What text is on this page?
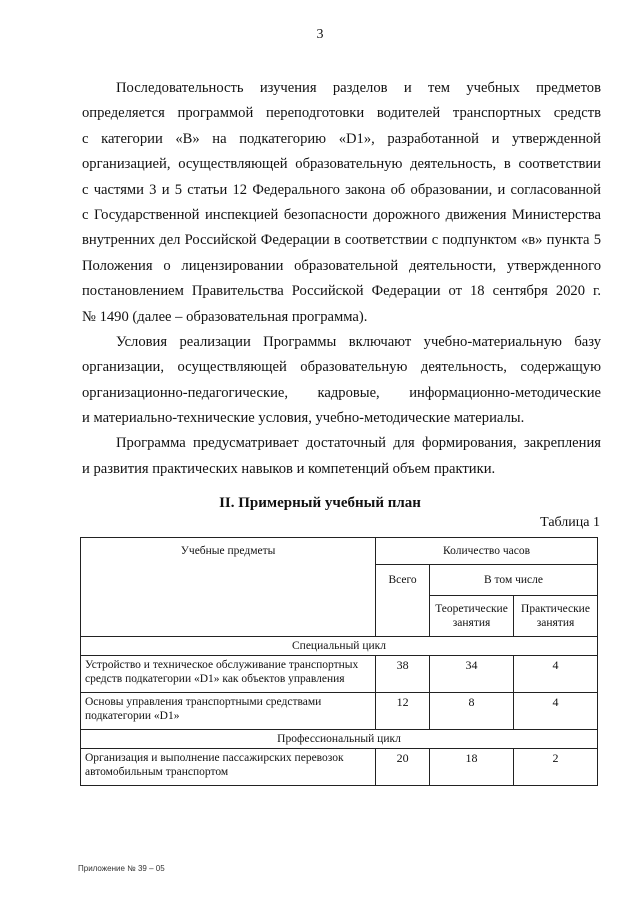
3
Последовательность изучения разделов и тем учебных предметов
определяется программой переподготовки водителей транспортных средств
с категории «В» на подкатегорию «D1», разработанной и утвержденной
организацией, осуществляющей образовательную деятельность, в соответствии
с частями 3 и 5 статьи 12 Федерального закона об образовании, и согласованной
с Государственной инспекцией безопасности дорожного движения Министерства
внутренних дел Российской Федерации в соответствии с подпунктом «в» пункта 5
Положения о лицензировании образовательной деятельности, утвержденного
постановлением Правительства Российской Федерации от 18 сентября 2020 г.
№ 1490 (далее – образовательная программа).
Условия реализации Программы включают учебно-материальную базу
организации, осуществляющей образовательную деятельность, содержащую
организационно-педагогические, кадровые, информационно-методические
и материально-технические условия, учебно-методические материалы.
Программа предусматривает достаточный для формирования, закрепления
и развития практических навыков и компетенций объем практики.
II. Примерный учебный план
Таблица 1
Учебные предметы	Количество часов		
	Всего	В том числе	
		Теоретические занятия	Практические занятия
Специальный цикл			
Устройство и техническое обслуживание транспортных средств подкатегории «D1» как объектов управления	38	34	4
Основы управления транспортными средствами подкатегории «D1»	12	8	4
Профессиональный цикл			
Организация и выполнение пассажирских перевозок автомобильным транспортом	20	18	2
Приложение № 39 – 05
